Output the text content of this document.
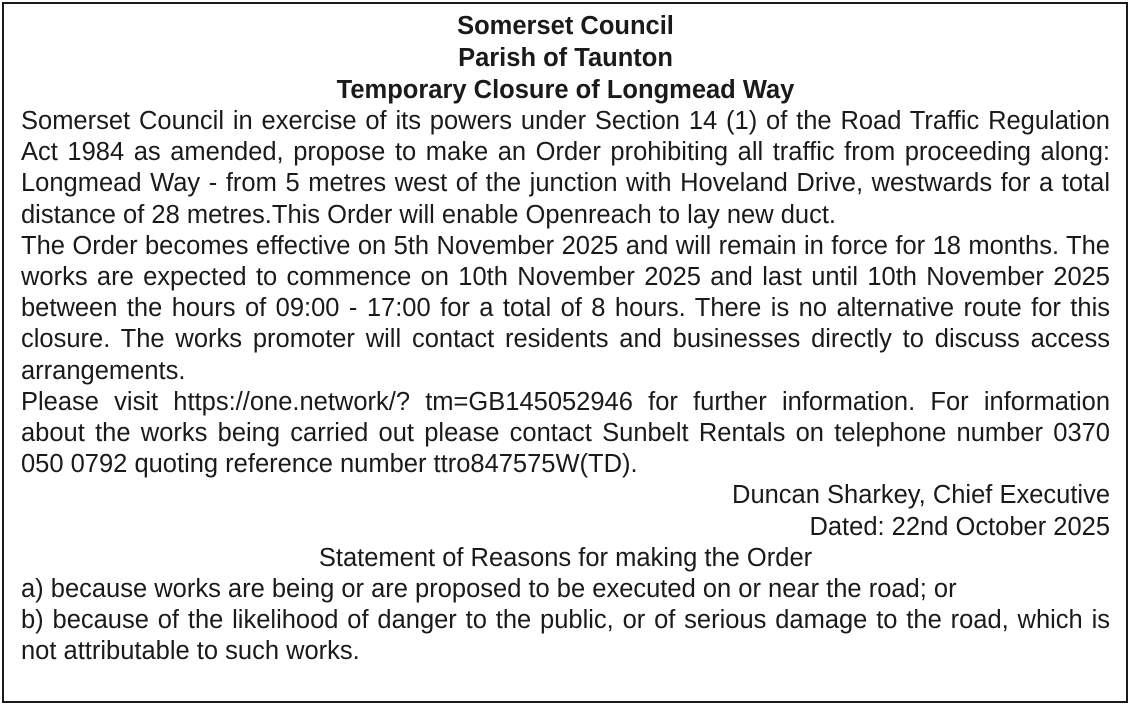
Somerset Council
Parish of Taunton
Temporary Closure of Longmead Way

Somerset Council in exercise of its powers under Section 14 (1) of the Road Traffic Regulation Act 1984 as amended, propose to make an Order prohibiting all traffic from proceeding along: Longmead Way - from 5 metres west of the junction with Hoveland Drive, westwards for a total distance of 28 metres.This Order will enable Openreach to lay new duct.

The Order becomes effective on 5th November 2025 and will remain in force for 18 months. The works are expected to commence on 10th November 2025 and last until 10th November 2025 between the hours of 09:00 - 17:00 for a total of 8 hours. There is no alternative route for this closure. The works promoter will contact residents and businesses directly to discuss access arrangements.

Please visit https://one.network/? tm=GB145052946 for further information. For information about the works being carried out please contact Sunbelt Rentals on telephone number 0370 050 0792 quoting reference number ttro847575W(TD).

Duncan Sharkey, Chief Executive

Dated: 22nd October 2025

Statement of Reasons for making the Order

a) because works are being or are proposed to be executed on or near the road; or

b) because of the likelihood of danger to the public, or of serious damage to the road, which is not attributable to such works.
